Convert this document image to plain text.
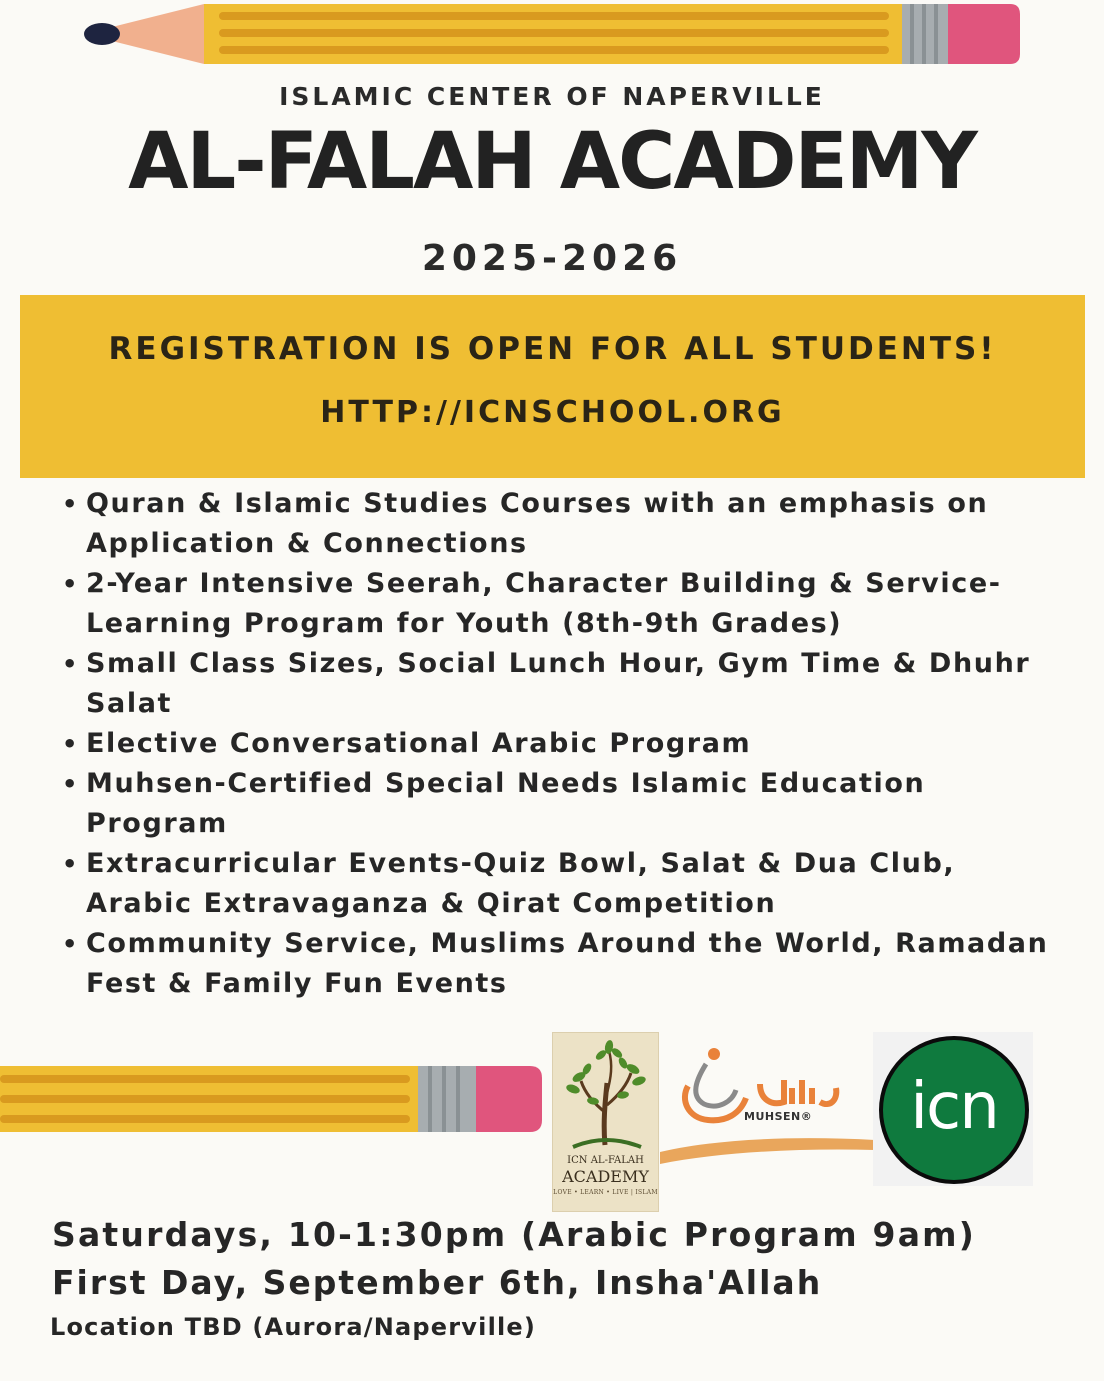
ISLAMIC CENTER OF NAPERVILLE
AL-FALAH ACADEMY
2025-2026
REGISTRATION IS OPEN FOR ALL STUDENTS!
HTTP://ICNSCHOOL.ORG
• Quran & Islamic Studies Courses with an emphasis on Application & Connections
• 2-Year Intensive Seerah, Character Building & Service-Learning Program for Youth (8th-9th Grades)
• Small Class Sizes, Social Lunch Hour, Gym Time & Dhuhr Salat
• Elective Conversational Arabic Program
• Muhsen-Certified Special Needs Islamic Education Program
• Extracurricular Events-Quiz Bowl, Salat & Dua Club, Arabic Extravaganza & Qirat Competition
• Community Service, Muslims Around the World, Ramadan Fest & Family Fun Events
ICN AL-FALAH
ACADEMY
LOVE • LEARN • LIVE | ISLAM
MUHSEN®	icn
Saturdays, 10-1:30pm (Arabic Program 9am)
First Day, September 6th, Insha'Allah
Location TBD (Aurora/Naperville)
